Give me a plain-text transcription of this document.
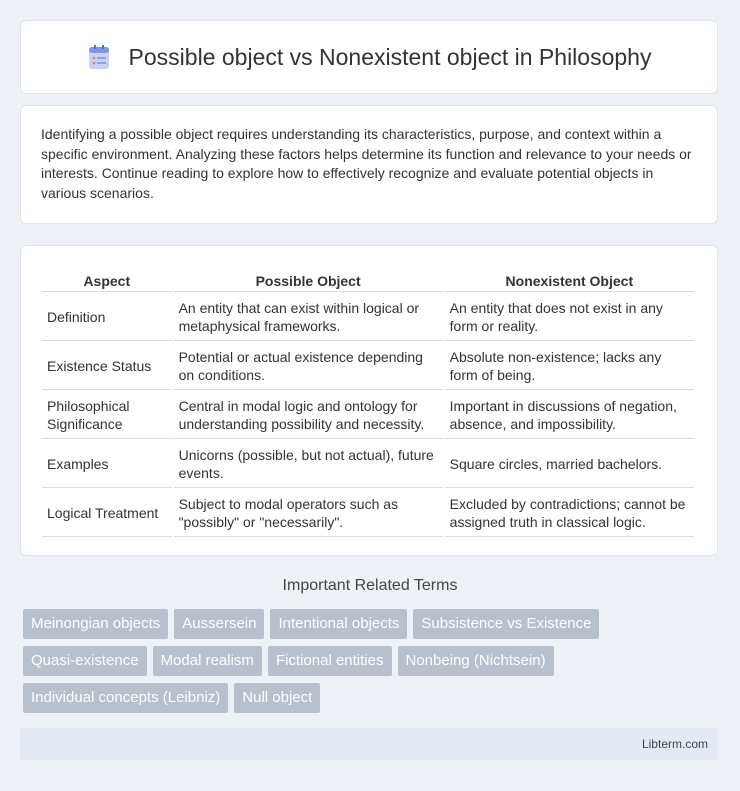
Possible object vs Nonexistent object in Philosophy

Identifying a possible object requires understanding its characteristics, purpose, and context within a specific environment. Analyzing these factors helps determine its function and relevance to your needs or interests. Continue reading to explore how to effectively recognize and evaluate potential objects in various scenarios.

Aspect	Possible Object	Nonexistent Object
Definition	An entity that can exist within logical or metaphysical frameworks.	An entity that does not exist in any form or reality.
Existence Status	Potential or actual existence depending on conditions.	Absolute non-existence; lacks any form of being.
Philosophical Significance	Central in modal logic and ontology for understanding possibility and necessity.	Important in discussions of negation, absence, and impossibility.
Examples	Unicorns (possible, but not actual), future events.	Square circles, married bachelors.
Logical Treatment	Subject to modal operators such as "possibly" or "necessarily".	Excluded by contradictions; cannot be assigned truth in classical logic.
Important Related Terms
Meinongian objects	Aussersein	Intentional objects	Subsistence vs Existence
Quasi-existence	Modal realism	Fictional entities	Nonbeing (Nichtsein)
Individual concepts (Leibniz)	Null object
Libterm.com
